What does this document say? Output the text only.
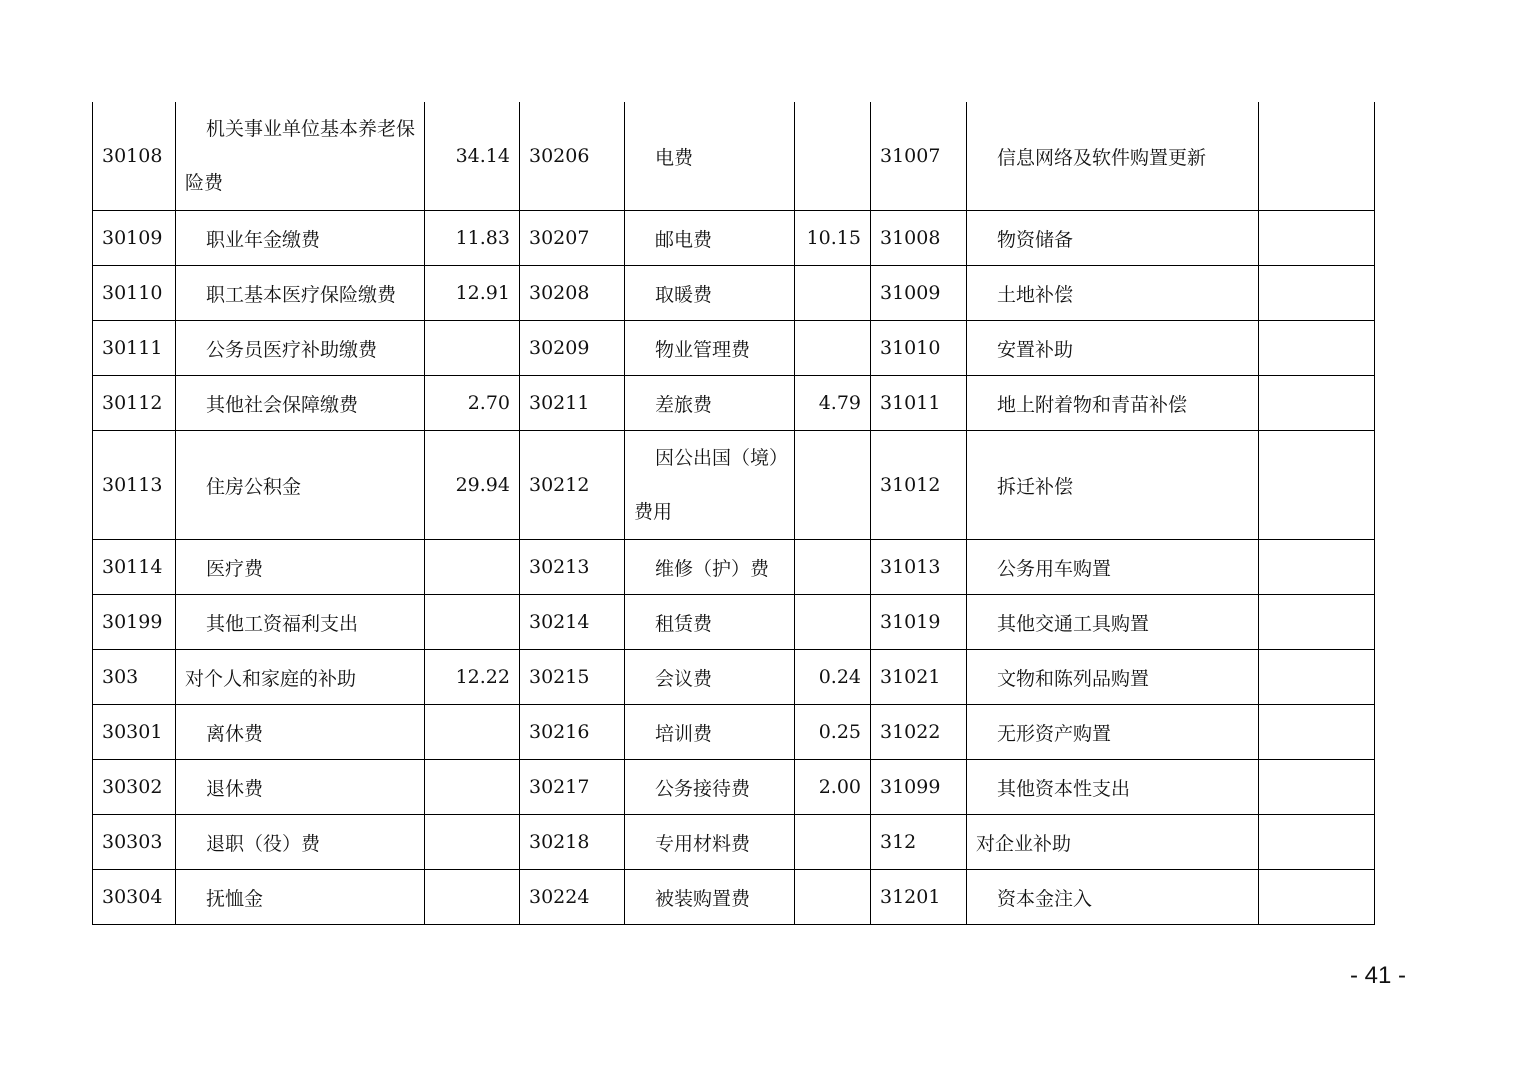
30108	机关事业单位基本养老保险费	34.14	30206	电费		31007	信息网络及软件购置更新	
30109	职业年金缴费	11.83	30207	邮电费	10.15	31008	物资储备	
30110	职工基本医疗保险缴费	12.91	30208	取暖费		31009	土地补偿	
30111	公务员医疗补助缴费		30209	物业管理费		31010	安置补助	
30112	其他社会保障缴费	2.70	30211	差旅费	4.79	31011	地上附着物和青苗补偿	
30113	住房公积金	29.94	30212	因公出国（境）费用		31012	拆迁补偿	
30114	医疗费		30213	维修（护）费		31013	公务用车购置	
30199	其他工资福利支出		30214	租赁费		31019	其他交通工具购置	
303	对个人和家庭的补助	12.22	30215	会议费	0.24	31021	文物和陈列品购置	
30301	离休费		30216	培训费	0.25	31022	无形资产购置	
30302	退休费		30217	公务接待费	2.00	31099	其他资本性支出	
30303	退职（役）费		30218	专用材料费		312	对企业补助	
30304	抚恤金		30224	被装购置费		31201	资本金注入	
- 41 -
